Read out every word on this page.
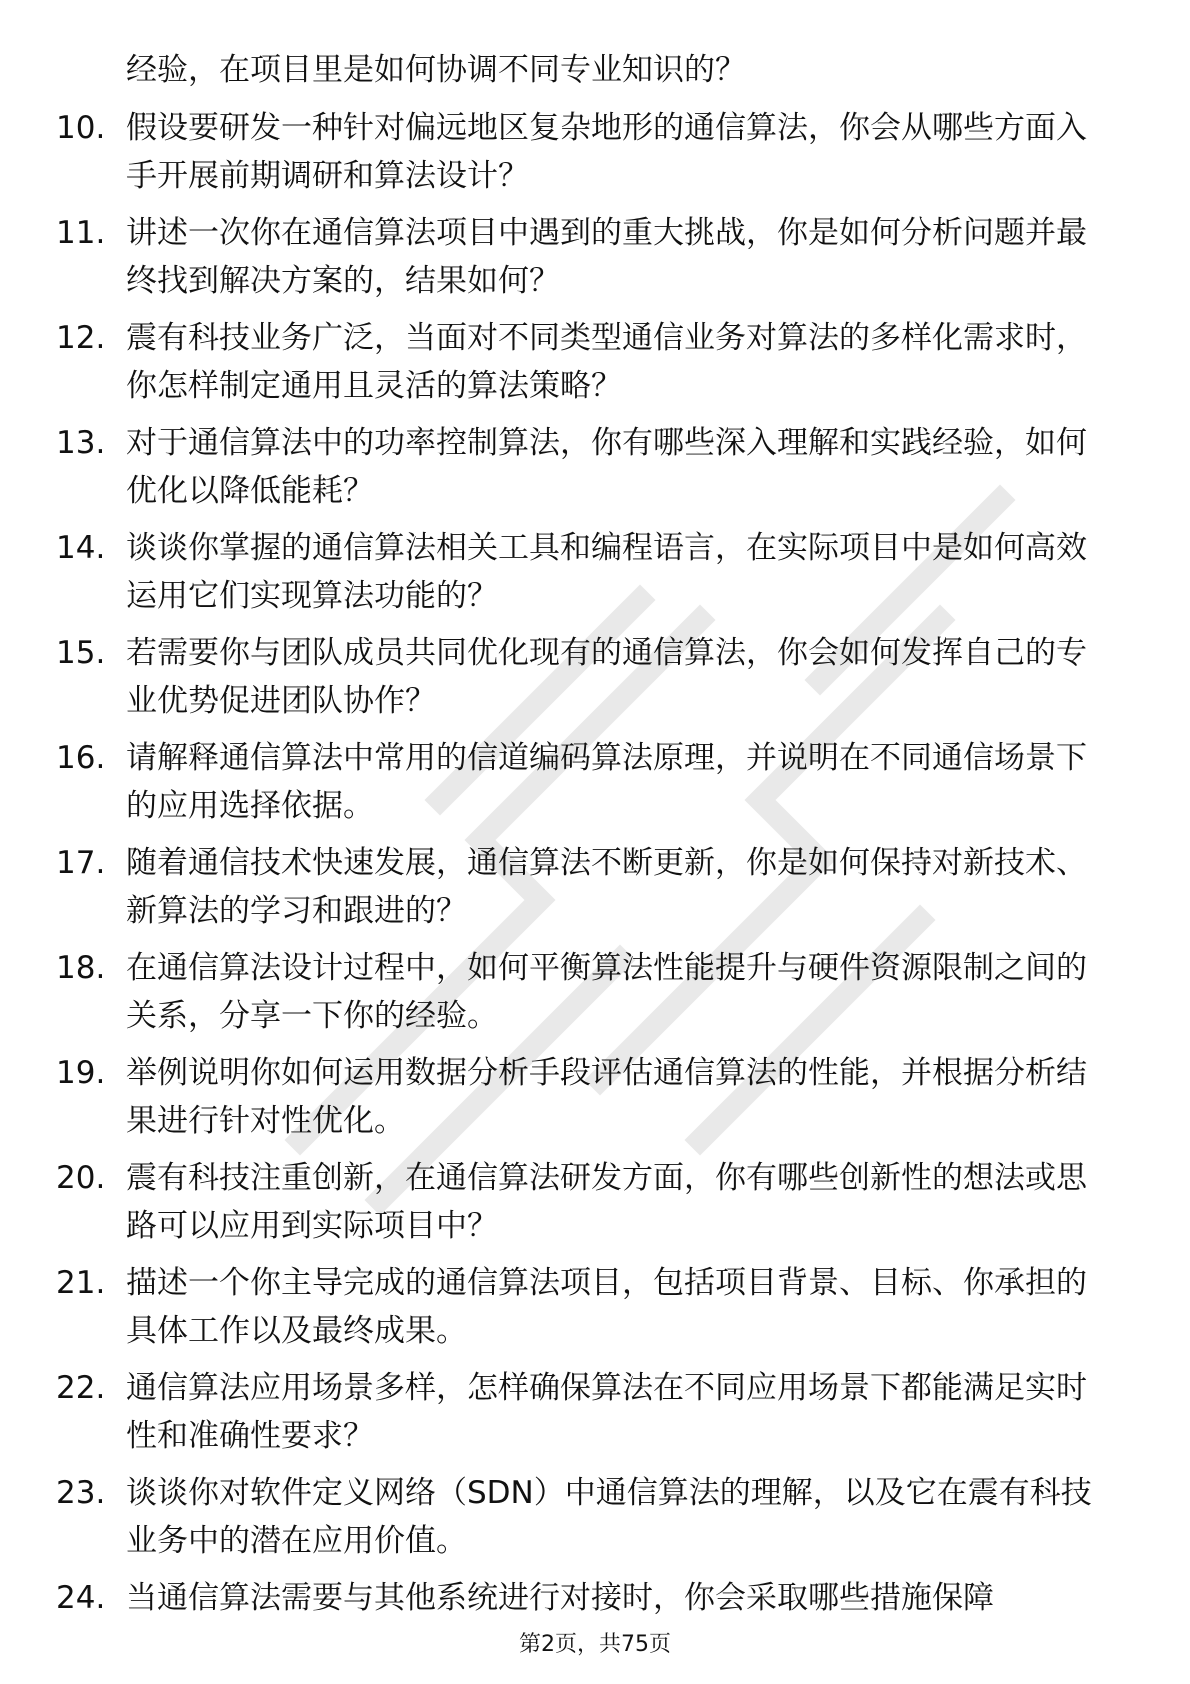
经验，在项目里是如何协调不同专业知识的？
10. 假设要研发一种针对偏远地区复杂地形的通信算法，你会从哪些方面入手开展前期调研和算法设计？
11. 讲述一次你在通信算法项目中遇到的重大挑战，你是如何分析问题并最终找到解决方案的，结果如何？
12. 震有科技业务广泛，当面对不同类型通信业务对算法的多样化需求时，你怎样制定通用且灵活的算法策略？
13. 对于通信算法中的功率控制算法，你有哪些深入理解和实践经验，如何优化以降低能耗？
14. 谈谈你掌握的通信算法相关工具和编程语言，在实际项目中是如何高效运用它们实现算法功能的？
15. 若需要你与团队成员共同优化现有的通信算法，你会如何发挥自己的专业优势促进团队协作？
16. 请解释通信算法中常用的信道编码算法原理，并说明在不同通信场景下的应用选择依据。
17. 随着通信技术快速发展，通信算法不断更新，你是如何保持对新技术、新算法的学习和跟进的？
18. 在通信算法设计过程中，如何平衡算法性能提升与硬件资源限制之间的关系，分享一下你的经验。
19. 举例说明你如何运用数据分析手段评估通信算法的性能，并根据分析结果进行针对性优化。
20. 震有科技注重创新，在通信算法研发方面，你有哪些创新性的想法或思路可以应用到实际项目中？
21. 描述一个你主导完成的通信算法项目，包括项目背景、目标、你承担的具体工作以及最终成果。
22. 通信算法应用场景多样，怎样确保算法在不同应用场景下都能满足实时性和准确性要求？
23. 谈谈你对软件定义网络（SDN）中通信算法的理解，以及它在震有科技业务中的潜在应用价值。
24. 当通信算法需要与其他系统进行对接时，你会采取哪些措施保障
第2页，共75页
